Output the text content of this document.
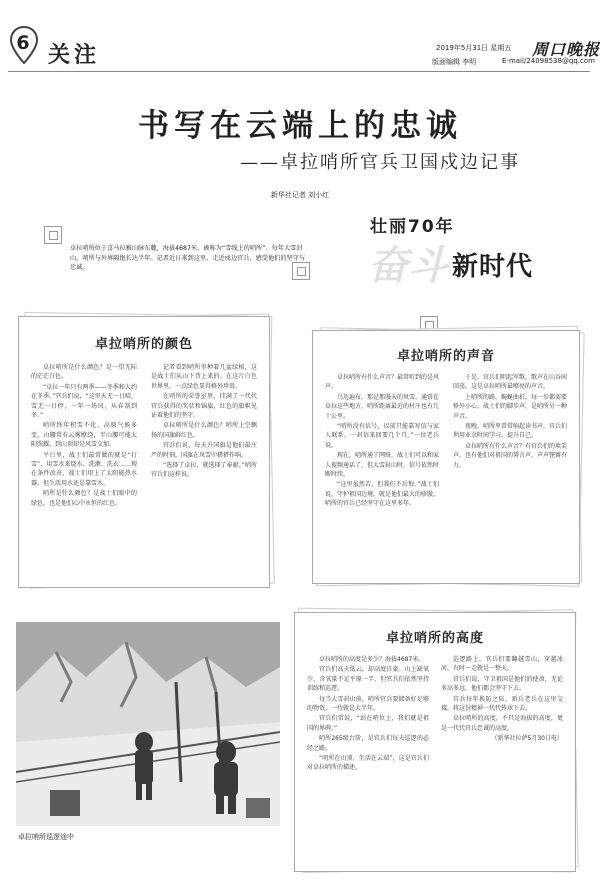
6 关注	2019年5月31日 星期五 周口晚报
版面编辑 李明	E-mail/24098538@qq.com
书写在云端上的忠诚
——卓拉哨所官兵卫国戍边记事
新华社记者 刘小红
卓拉哨所位于喜马拉雅山脉东麓，海拔4687米，被称为“雪线上的哨所”。每年大雪封山，哨所与外界隔绝长达半年。记者近日来到这里，走近戍边官兵，感受他们的坚守与忠诚。	奋斗
壮丽70年
新时代
卓拉哨所的颜色

卓拉哨所是什么颜色？是一望无际的茫茫白色。

“卓拉一年只有两季——冬季和大约在冬季。”官兵们说，“这里天无一日晴，雪无一日停，一年一场风，从春刮到冬。”

哨所终年积雪不化，高原气候多变，山腰常有云雾缭绕，半山腰可能太阳照耀，到山顶却是风雪交加。

平日里，战士们最常做的就是“打雪”，用雪水来烧水、洗漱、洗衣……现在条件改善，战士们用上了太阳能热水器，但生活用水还是靠雪水。

哨所是什么颜色？是战士们眼中的绿色，也是他们心中永恒的红色。

记者看到哨所里种着几盆绿植，这是战士们从山下背上来的。在这片白色世界里，一点绿色显得格外珍贵。

在哨所的荣誉室里，挂满了一代代官兵获得的奖状和锦旗，红色的旗帜见证着他们的坚守。

卓拉哨所是什么颜色？哨所上空飘扬的国旗鲜红色。

官兵们说，每天升国旗是他们最庄严的时刻，国旗在风雪中猎猎作响。

“选择了卓拉，就选择了奉献。”哨所官兵们这样说。

卓拉哨所的声音

卓拉哨所有什么声音？最常听到的是风声。

乌达遍布，那是那漫天的风雪，通常在卓拉这些地方，哨所距离最近的村庄也有几十公里。

“哨所没有信号，以前只能靠写信与家人联系，一封信来回要几个月。”一位老兵说。

现在，哨所通了网络，战士们可以和家人视频通话了，但大雪封山时，信号依然时断时续。

“这里虽然苦，但我们不后悔。”战士们说，守护祖国边境，就是他们最大的骄傲。哨所的官兵已经坚守在这里多年。

于是，官兵们唱起军歌，歌声在山谷间回荡，这是卓拉哨所最嘹亮的声音。

上哨所的路，蜿蜒曲折，每一步都需要格外小心。战士们的脚步声，是哨所另一种声音。

夜晚，哨所里常常响起读书声，官兵们利用业余时间学习，提升自己。

卓拉哨所有什么声音？有官兵们的欢笑声，也有他们对祖国的誓言声，声声铿锵有力。

卓拉哨所巡逻途中
卓拉哨所的高度

卓拉哨所的高度是多少？海拔4687米。

官兵们高天低云，却高度自豪。山上缺氧少，含氧量不足平原一半，但官兵们依然坚持训练和巡逻。

每当大雪封山前，哨所官兵要储备好足够的物资，一待就是大半年。

官兵们常说，“站在哨位上，我们就是祖国的界碑。”

哨所265级台阶，是官兵们每天巡逻的必经之路。

“哨所在山顶，生活在云端”，这是官兵们对卓拉哨所的描述。

巡逻路上，官兵们要翻越雪山，穿越冰河，有时一走就是一整天。

官兵们说，守卫祖国是他们的使命，无论多高多远，他们都会坚守下去。

官兵每年换防之际，新兵老兵在这里交接，将这份精神一代代传承下去。

卓拉哨所的高度，不只是海拔的高度，更是一代代官兵忠诚的高度。

（新华社拉萨5月30日电）
